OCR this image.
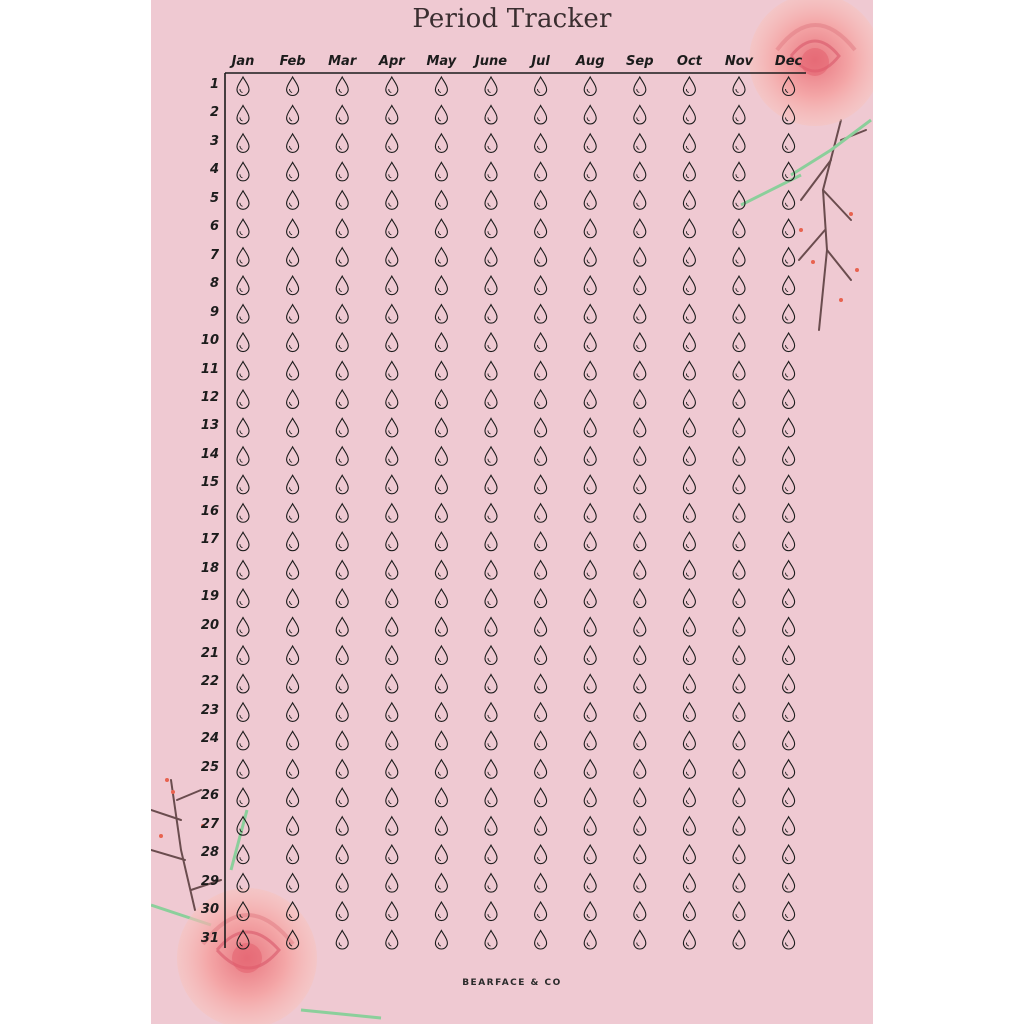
Period Tracker
Jan	Feb	Mar	Apr	May	June	Jul	Aug	Sep	Oct	Nov	Dec
1
2
3
4
5
6
7
8
9
10
11
12
13
14
15
16
17
18
19
20
21
22
23
24
25
26
27
28
29
30
31
BEARFACE & CO
